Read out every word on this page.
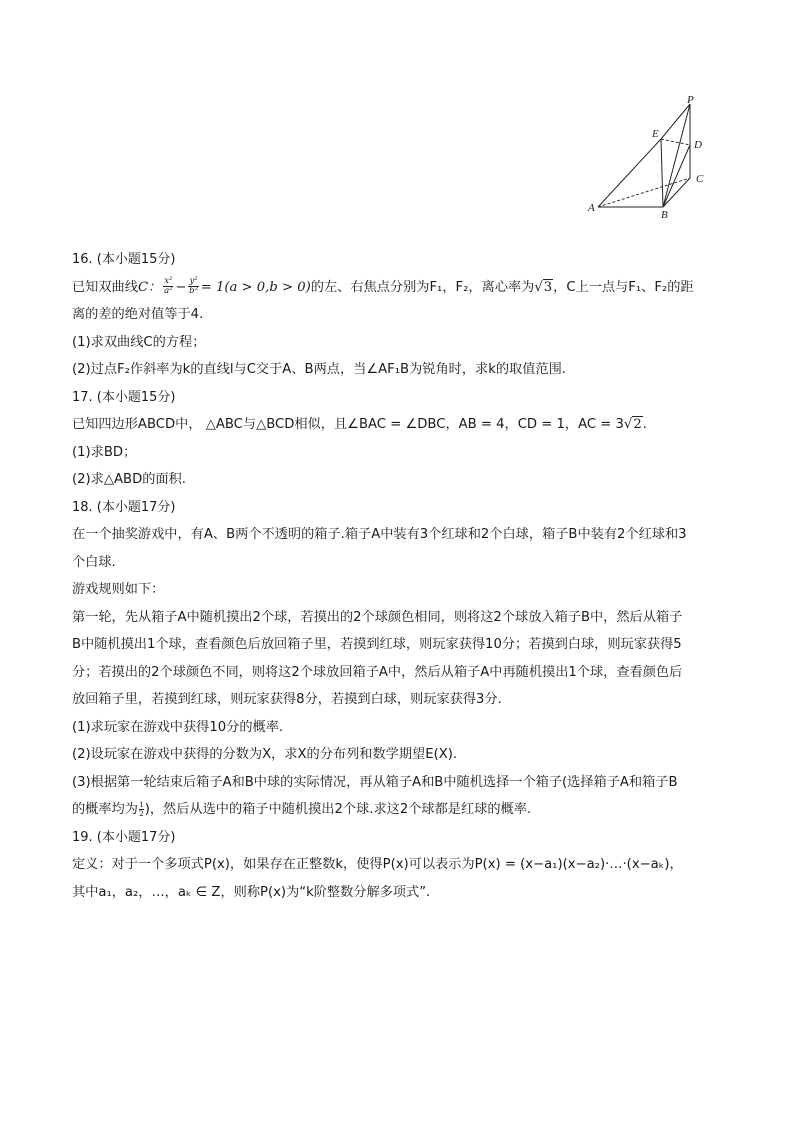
P
E
D
C
A
B
16. (本小题15分)
已知双曲线C： $\frac{\text{x²}}{\text{a²}} - \frac{\text{y²}}{\text{b²}} = 1(a > 0,b > 0)$的左、右焦点分别为F₁，F₂，离心率为√3，C上一点与F₁、F₂的距
离的差的绝对值等于4.
(1)求双曲线C的方程；
(2)过点F₂作斜率为k的直线l与C交于A、B两点，当∠AF₁B为锐角时，求k的取值范围.
17. (本小题15分)
已知四边形ABCD中， △ABC与△BCD相似，且∠BAC = ∠DBC，AB = 4，CD = 1，AC = 3√2.
(1)求BD；
(2)求△ABD的面积.
18. (本小题17分)
在一个抽奖游戏中，有A、B两个不透明的箱子.箱子A中装有3个红球和2个白球，箱子B中装有2个红球和3
个白球.
游戏规则如下：
第一轮，先从箱子A中随机摸出2个球，若摸出的2个球颜色相同，则将这2个球放入箱子B中，然后从箱子
B中随机摸出1个球，查看颜色后放回箱子里，若摸到红球，则玩家获得10分；若摸到白球，则玩家获得5
分；若摸出的2个球颜色不同，则将这2个球放回箱子A中，然后从箱子A中再随机摸出1个球，查看颜色后
放回箱子里，若摸到红球，则玩家获得8分，若摸到白球，则玩家获得3分.
(1)求玩家在游戏中获得10分的概率.
(2)设玩家在游戏中获得的分数为X，求X的分布列和数学期望E(X).
(3)根据第一轮结束后箱子A和B中球的实际情况，再从箱子A和B中随机选择一个箱子(选择箱子A和箱子B
的概率均为 $\frac{1}{2}$ )，然后从选中的箱子中随机摸出2个球.求这2个球都是红球的概率.
19. (本小题17分)
定义：对于一个多项式P(x)，如果存在正整数k，使得P(x)可以表示为P(x) = (x−a₁)(x−a₂)·…·(x−aₖ)，
其中a₁，a₂，…，aₖ ∈ Z，则称P(x)为“k阶整数分解多项式”.
